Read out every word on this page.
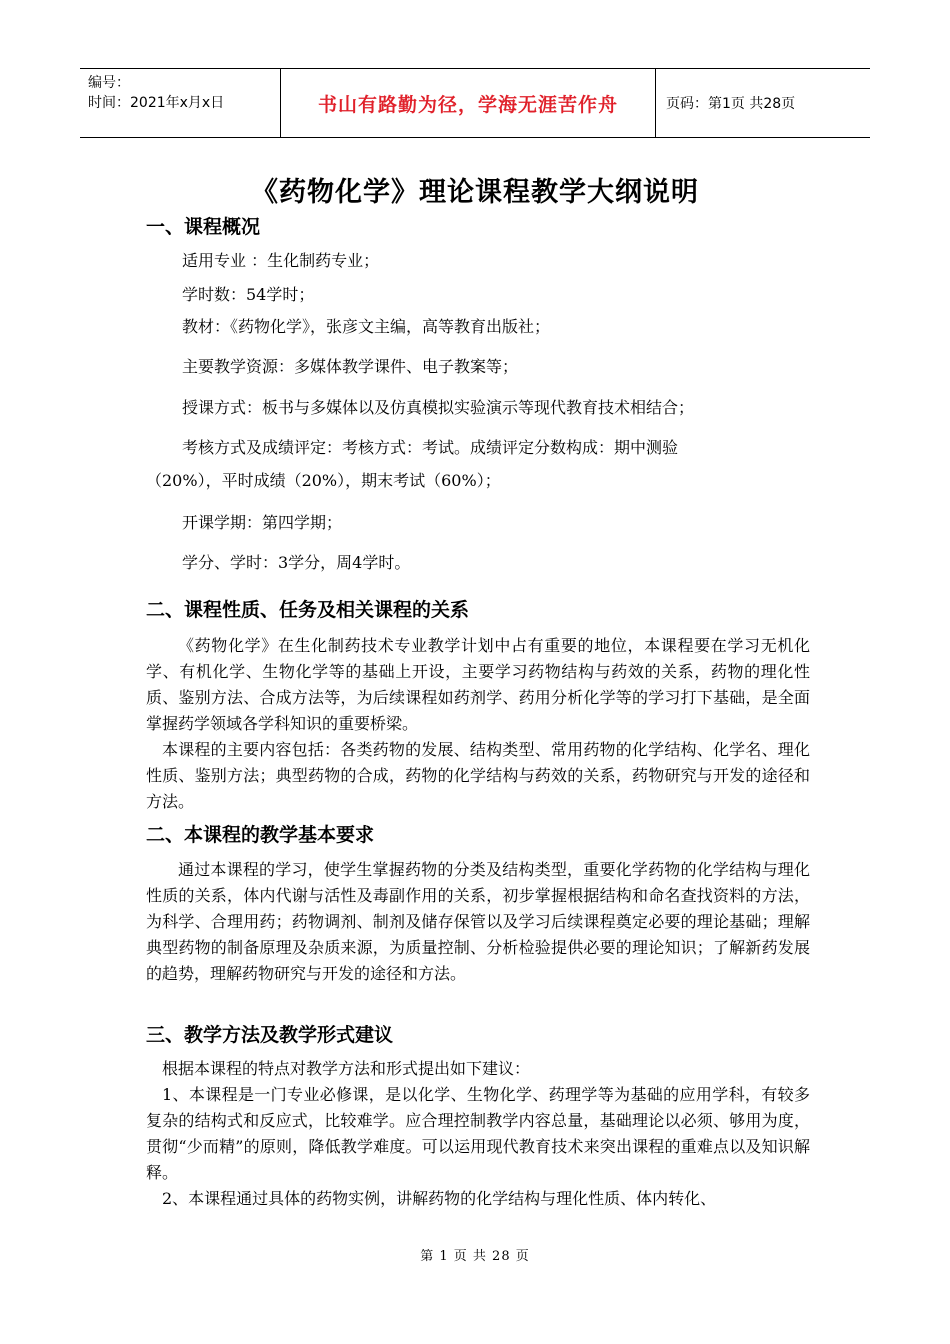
编号：
时间：2021年x月x日	书山有路勤为径，学海无涯苦作舟	页码：第1页 共28页
《药物化学》理论课程教学大纲说明
一、课程概况
适用专业 ：生化制药专业；
学时数：54学时；
教材：《药物化学》，张彦文主编，高等教育出版社；
主要教学资源：多媒体教学课件、电子教案等；
授课方式：板书与多媒体以及仿真模拟实验演示等现代教育技术相结合；
考核方式及成绩评定：考核方式：考试。成绩评定分数构成：期中测验
（20%），平时成绩（20%），期末考试（60%）；
开课学期：第四学期；
学分、学时：3学分，周4学时。
二、课程性质、任务及相关课程的关系

《药物化学》在生化制药技术专业教学计划中占有重要的地位，本课程要在学习无机化学、有机化学、生物化学等的基础上开设，主要学习药物结构与药效的关系，药物的理化性质、鉴别方法、合成方法等，为后续课程如药剂学、药用分析化学等的学习打下基础，是全面掌握药学领域各学科知识的重要桥梁。

本课程的主要内容包括：各类药物的发展、结构类型、常用药物的化学结构、化学名、理化性质、鉴别方法；典型药物的合成，药物的化学结构与药效的关系，药物研究与开发的途径和方法。

二、本课程的教学基本要求

通过本课程的学习，使学生掌握药物的分类及结构类型，重要化学药物的化学结构与理化性质的关系，体内代谢与活性及毒副作用的关系，初步掌握根据结构和命名查找资料的方法，为科学、合理用药；药物调剂、制剂及储存保管以及学习后续课程奠定必要的理论基础；理解典型药物的制备原理及杂质来源，为质量控制、分析检验提供必要的理论知识；了解新药发展的趋势，理解药物研究与开发的途径和方法。

三、教学方法及教学形式建议

根据本课程的特点对教学方法和形式提出如下建议：

1、本课程是一门专业必修课，是以化学、生物化学、药理学等为基础的应用学科，有较多复杂的结构式和反应式，比较难学。应合理控制教学内容总量，基础理论以必须、够用为度，贯彻“少而精”的原则，降低教学难度。可以运用现代教育技术来突出课程的重难点以及知识解释。

2、本课程通过具体的药物实例，讲解药物的化学结构与理化性质、体内转化、

第 1 页 共 28 页
